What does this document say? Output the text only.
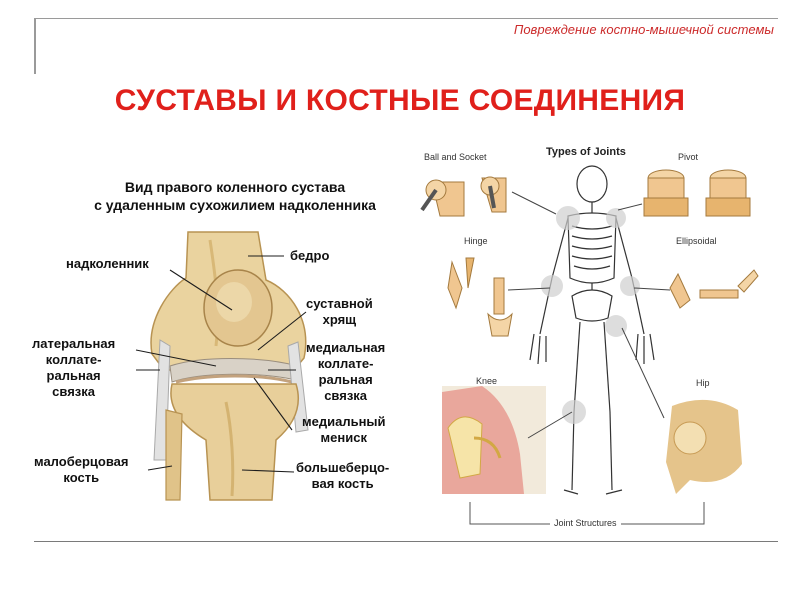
Повреждение костно-мышечной системы
СУСТАВЫ И КОСТНЫЕ СОЕДИНЕНИЯ
Вид правого коленного сустава
с удаленным сухожилием надколенника
надколенник
бедро
суставной
хрящ
латеральная
коллате-
ральная
связка
медиальная
коллате-
ральная
связка
медиальный
мениск
малоберцовая
кость
большеберцо-
вая кость
Types of Joints
Ball and Socket	Pivot
Hinge	Ellipsoidal
Knee	Hip
Joint Structures
